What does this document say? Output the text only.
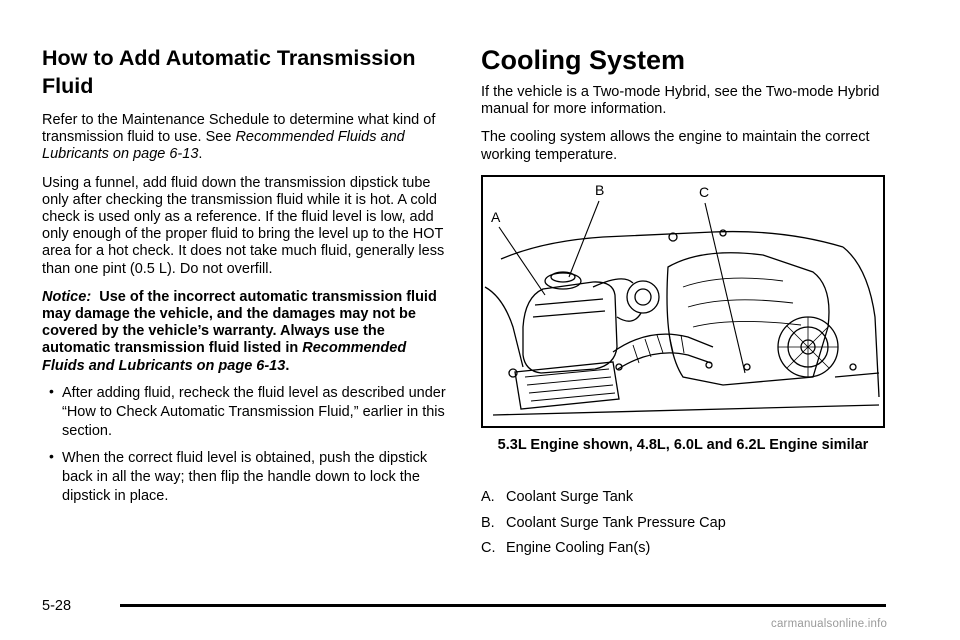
How to Add Automatic Transmission Fluid

Refer to the Maintenance Schedule to determine what kind of transmission fluid to use. See Recommended Fluids and Lubricants on page 6-13.

Using a funnel, add fluid down the transmission dipstick tube only after checking the transmission fluid while it is hot. A cold check is used only as a reference. If the fluid level is low, add only enough of the proper fluid to bring the level up to the HOT area for a hot check. It does not take much fluid, generally less than one pint (0.5 L). Do not overfill.

Notice: Use of the incorrect automatic transmission fluid may damage the vehicle, and the damages may not be covered by the vehicle’s warranty. Always use the automatic transmission fluid listed in Recommended Fluids and Lubricants on page 6-13.

• After adding fluid, recheck the fluid level as described under “How to Check Automatic Transmission Fluid,” earlier in this section.
• When the correct fluid level is obtained, push the dipstick back in all the way; then flip the handle down to lock the dipstick in place.
Cooling System

If the vehicle is a Two-mode Hybrid, see the Two-mode Hybrid manual for more information.

The cooling system allows the engine to maintain the correct working temperature.

A
B	C
5.3L Engine shown, 4.8L, 6.0L and 6.2L Engine similar
A. Coolant Surge Tank
B. Coolant Surge Tank Pressure Cap
C. Engine Cooling Fan(s)
5-28
carmanualsonline.info
